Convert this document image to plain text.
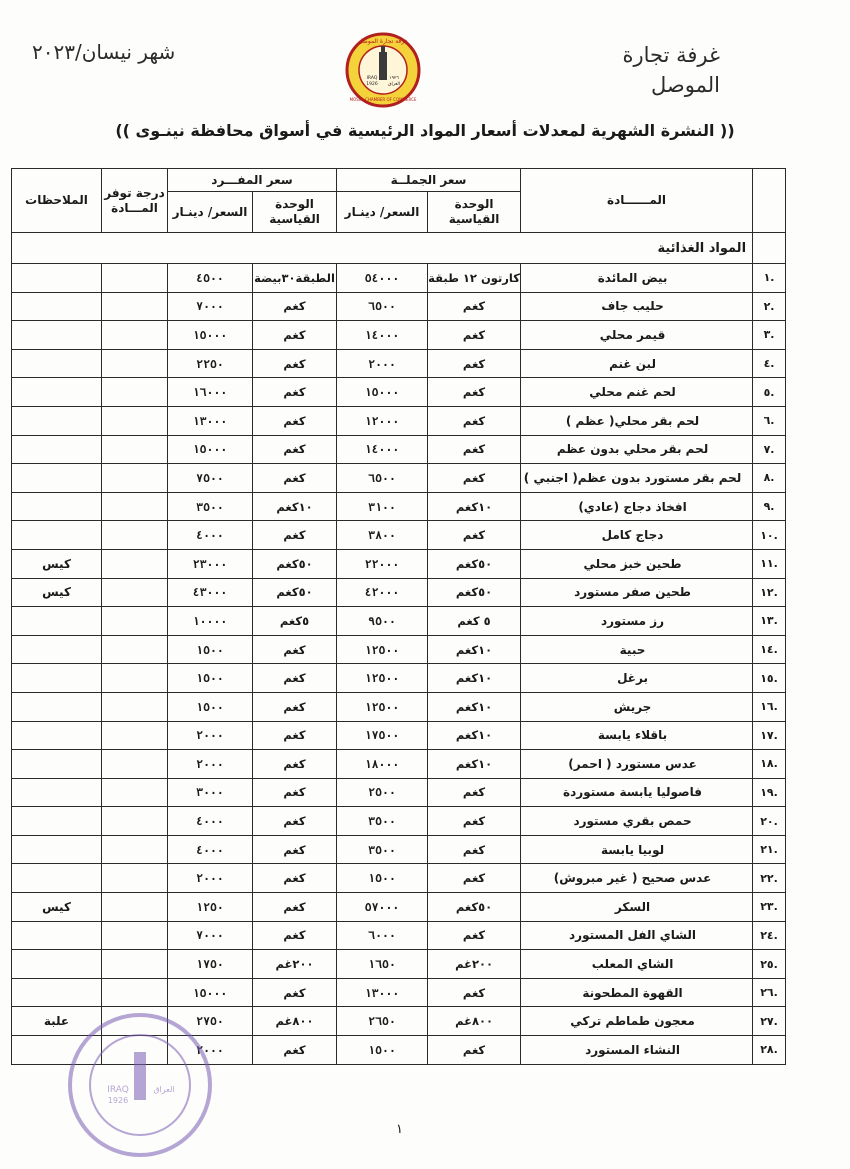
غرفة تجارة
الموصل
شهر نيسان/٢٠٢٣	غرفة تجارة الموصل
IRAQ
1926
١٩٢٦
العراق
MOSUL CHAMBER OF COMMERCE
(( النشرة الشهرية لمعدلات أسعار المواد الرئيسية في أسواق محافظة نينـوى ))
	المــــــادة	سعر الجملــة		سعر المفـــرد		درجة توفر المـــادة	الملاحظات
		الوحدة القياسية	السعر/ دينـار	الوحدة القياسية	السعر/ دينـار		
	المواد الغذائية						
.١	بيض المائدة	كارتون ١٢ طبقة	٥٤٠٠٠	الطبقة٣٠بيضة	٤٥٠٠		
.٢	حليب جاف	كغم	٦٥٠٠	كغم	٧٠٠٠		
.٣	قيمر محلي	كغم	١٤٠٠٠	كغم	١٥٠٠٠		
.٤	لبن غنم	كغم	٢٠٠٠	كغم	٢٢٥٠		
.٥	لحم غنم محلي	كغم	١٥٠٠٠	كغم	١٦٠٠٠		
.٦	لحم بقر محلي( عظم )	كغم	١٢٠٠٠	كغم	١٣٠٠٠		
.٧	لحم بقر محلي بدون عظم	كغم	١٤٠٠٠	كغم	١٥٠٠٠		
.٨	لحم بقر مستورد بدون عظم( اجنبي )	كغم	٦٥٠٠	كغم	٧٥٠٠		
.٩	افخاذ دجاج (عادي)	١٠كغم	٣١٠٠	١٠كغم	٣٥٠٠		
.١٠	دجاج كامل	كغم	٣٨٠٠	كغم	٤٠٠٠		
.١١	طحين خبز محلي	٥٠كغم	٢٢٠٠٠	٥٠كغم	٢٣٠٠٠		كيس
.١٢	طحين صفر مستورد	٥٠كغم	٤٢٠٠٠	٥٠كغم	٤٣٠٠٠		كيس
.١٣	رز مستورد	٥ كغم	٩٥٠٠	٥كغم	١٠٠٠٠		
.١٤	حبية	١٠كغم	١٢٥٠٠	كغم	١٥٠٠		
.١٥	برغل	١٠كغم	١٢٥٠٠	كغم	١٥٠٠		
.١٦	جريش	١٠كغم	١٢٥٠٠	كغم	١٥٠٠		
.١٧	باقلاء يابسة	١٠كغم	١٧٥٠٠	كغم	٢٠٠٠		
.١٨	عدس مستورد ( احمر)	١٠كغم	١٨٠٠٠	كغم	٢٠٠٠		
.١٩	فاصوليا يابسة مستوردة	كغم	٢٥٠٠	كغم	٣٠٠٠		
.٢٠	حمص بقري مستورد	كغم	٣٥٠٠	كغم	٤٠٠٠		
.٢١	لوبيا يابسة	كغم	٣٥٠٠	كغم	٤٠٠٠		
.٢٢	عدس صحيح ( غير مبروش)	كغم	١٥٠٠	كغم	٢٠٠٠		
.٢٣	السكر	٥٠كغم	٥٧٠٠٠	كغم	١٢٥٠		كيس
.٢٤	الشاي الفل المستورد	كغم	٦٠٠٠	كغم	٧٠٠٠		
.٢٥	الشاي المعلب	٢٠٠غم	١٦٥٠	٢٠٠غم	١٧٥٠		
.٢٦	القهوة المطحونة	كغم	١٣٠٠٠	كغم	١٥٠٠٠		
.٢٧	معجون طماطم تركي	٨٠٠غم	٢٦٥٠	٨٠٠غم	٢٧٥٠		علبة
.٢٨	النشاء المستورد	كغم	١٥٠٠	كغم	٢٠٠٠		
IRAQ
1926
العراق
١
